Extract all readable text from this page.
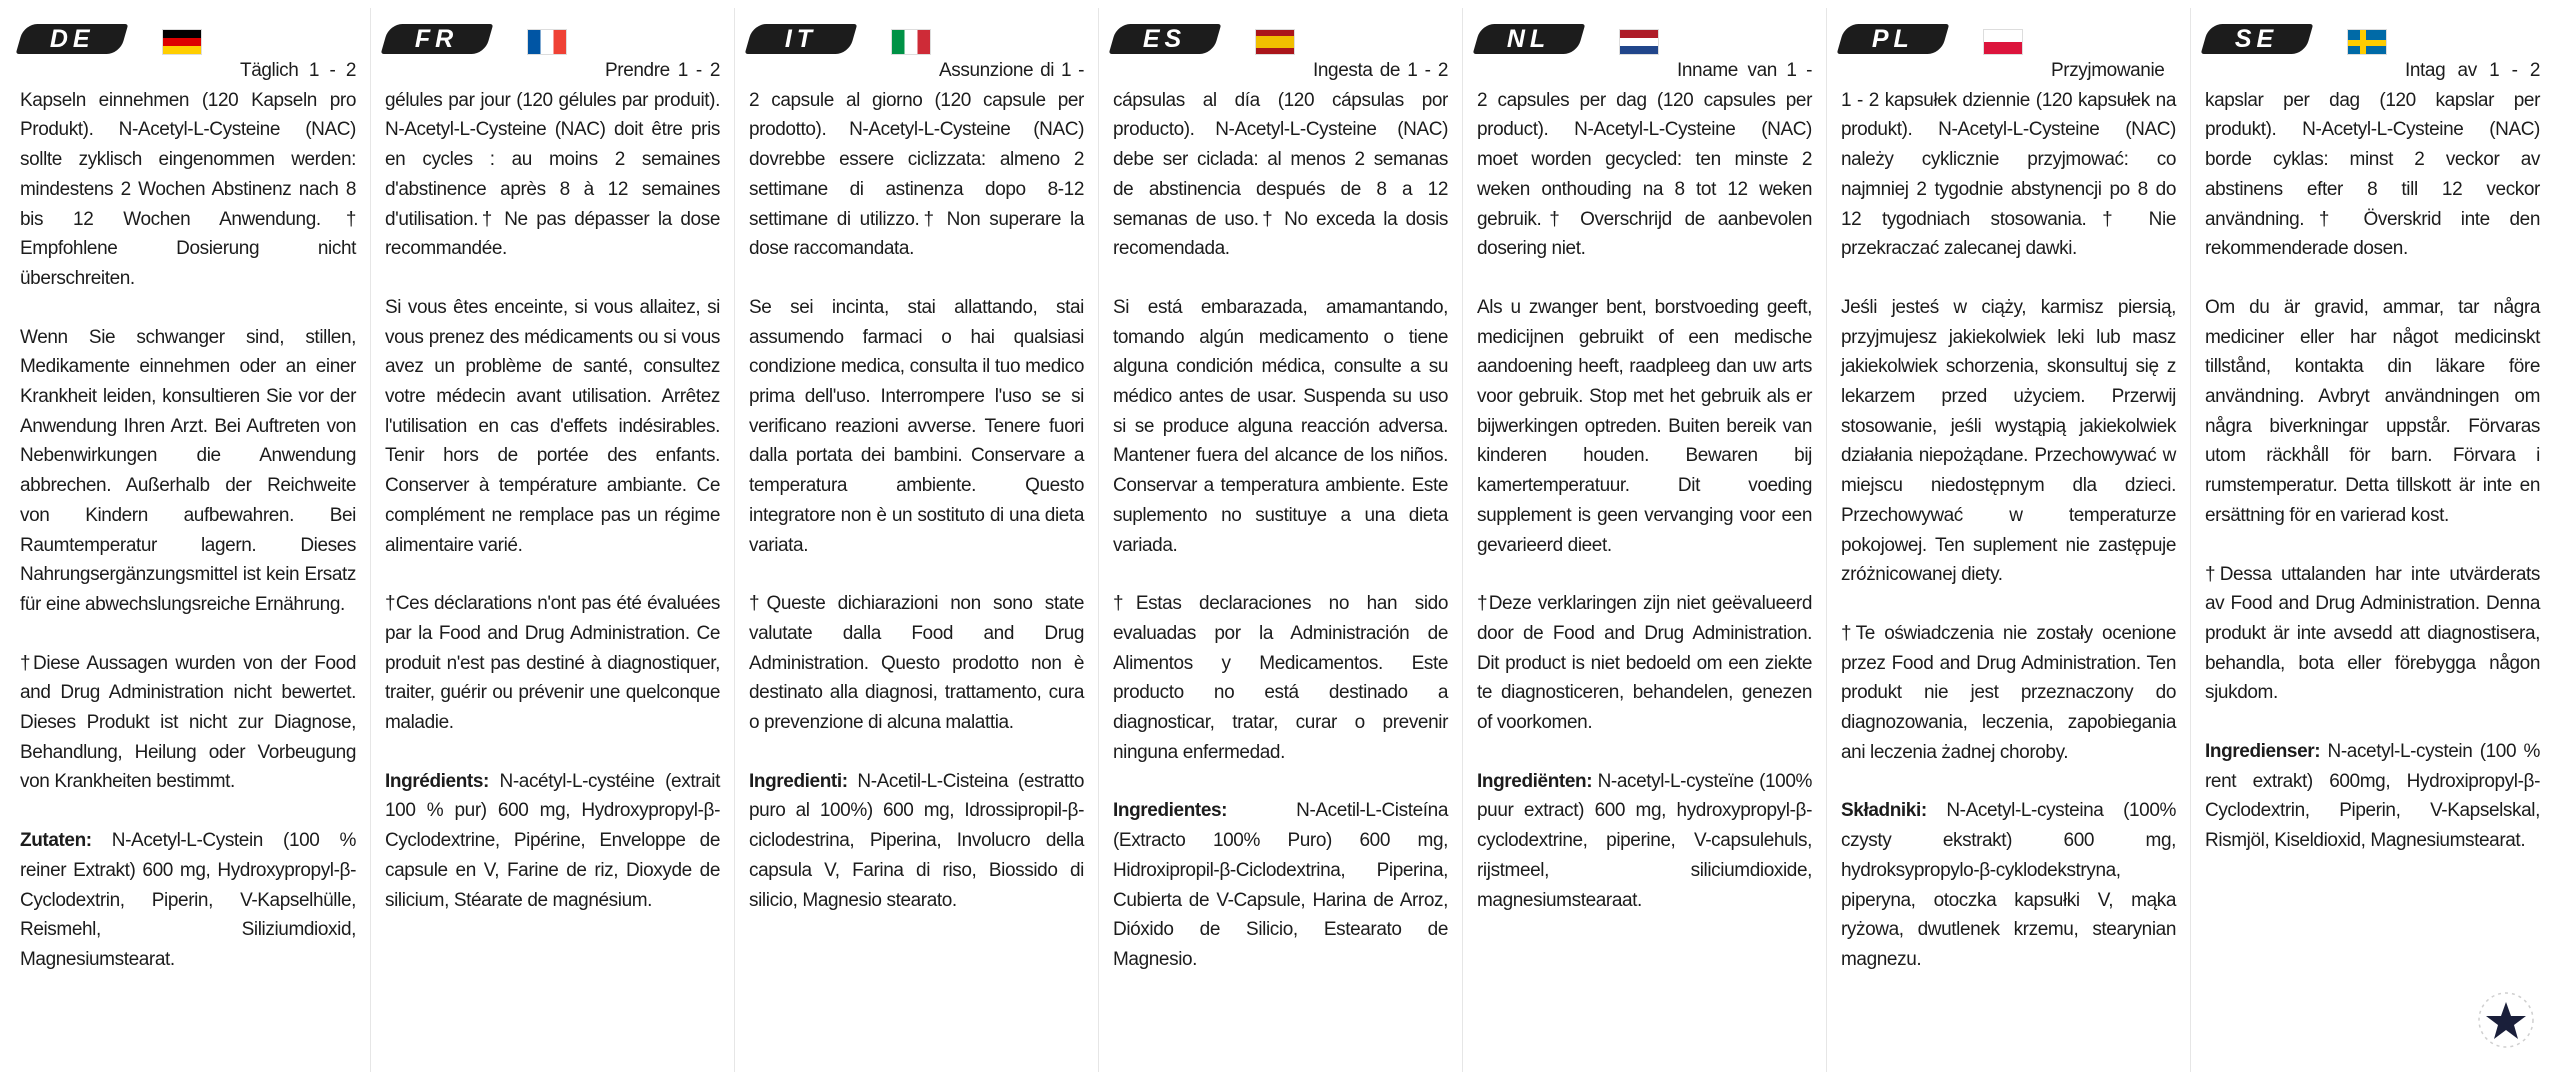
DE

Täglich 1 - 2 Kapseln einnehmen (120 Kapseln pro Produkt). N-Acetyl-L-Cysteine (NAC) sollte zyklisch eingenommen werden: mindestens 2 Wochen Abstinenz nach 8 bis 12 Wochen Anwendung.† Empfohlene Dosierung nicht überschreiten.

Wenn Sie schwanger sind, stillen, Medikamente einnehmen oder an einer Krankheit leiden, konsultieren Sie vor der Anwendung Ihren Arzt. Bei Auftreten von Nebenwirkungen die Anwendung abbrechen. Außerhalb der Reichweite von Kindern aufbewahren. Bei Raumtemperatur lagern. Dieses Nahrungsergänzungsmittel ist kein Ersatz für eine abwechslungsreiche Ernährung.

†Diese Aussagen wurden von der Food and Drug Administration nicht bewertet. Dieses Produkt ist nicht zur Diagnose, Behandlung, Heilung oder Vorbeugung von Krankheiten bestimmt.

Zutaten: N-Acetyl-L-Cystein (100 % reiner Extrakt) 600 mg, Hydroxypropyl-β-Cyclodextrin, Piperin, V-Kapselhülle, Reismehl, Siliziumdioxid, Magnesiumstearat.

FR

Prendre 1 - 2 gélules par jour (120 gélules par produit). N-Acetyl-L-Cysteine (NAC) doit être pris en cycles : au moins 2 semaines d'abstinence après 8 à 12 semaines d'utilisation.† Ne pas dépasser la dose recommandée.

Si vous êtes enceinte, si vous allaitez, si vous prenez des médicaments ou si vous avez un problème de santé, consultez votre médecin avant utilisation. Arrêtez l'utilisation en cas d'effets indésirables. Tenir hors de portée des enfants. Conserver à température ambiante. Ce complément ne remplace pas un régime alimentaire varié.

†Ces déclarations n'ont pas été évaluées par la Food and Drug Administration. Ce produit n'est pas destiné à diagnostiquer, traiter, guérir ou prévenir une quelconque maladie.

Ingrédients: N-acétyl-L-cystéine (extrait 100 % pur) 600 mg, Hydroxypropyl-β-Cyclodextrine, Pipérine, Enveloppe de capsule en V, Farine de riz, Dioxyde de silicium, Stéarate de magnésium.

IT

Assunzione di 1 - 2 capsule al giorno (120 capsule per prodotto). N-Acetyl-L-Cysteine (NAC) dovrebbe essere ciclizzata: almeno 2 settimane di astinenza dopo 8-12 settimane di utilizzo.† Non superare la dose raccomandata.

Se sei incinta, stai allattando, stai assumendo farmaci o hai qualsiasi condizione medica, consulta il tuo medico prima dell'uso. Interrompere l'uso se si verificano reazioni avverse. Tenere fuori dalla portata dei bambini. Conservare a temperatura ambiente. Questo integratore non è un sostituto di una dieta variata.

†Queste dichiarazioni non sono state valutate dalla Food and Drug Administration. Questo prodotto non è destinato alla diagnosi, trattamento, cura o prevenzione di alcuna malattia.

Ingredienti: N-Acetil-L-Cisteina (estratto puro al 100%) 600 mg, Idrossipropil-β-ciclodestrina, Piperina, Involucro della capsula V, Farina di riso, Biossido di silicio, Magnesio stearato.

ES

Ingesta de 1 - 2 cápsulas al día (120 cápsulas por producto). N-Acetyl-L-Cysteine (NAC) debe ser ciclada: al menos 2 semanas de abstinencia después de 8 a 12 semanas de uso.† No exceda la dosis recomendada.

Si está embarazada, amamantando, tomando algún medicamento o tiene alguna condición médica, consulte a su médico antes de usar. Suspenda su uso si se produce alguna reacción adversa. Mantener fuera del alcance de los niños. Conservar a temperatura ambiente. Este suplemento no sustituye a una dieta variada.

†Estas declaraciones no han sido evaluadas por la Administración de Alimentos y Medicamentos. Este producto no está destinado a diagnosticar, tratar, curar o prevenir ninguna enfermedad.

Ingredientes:	N-Acetil-L-Cisteína (Extracto 100% Puro) 600 mg, Hidroxipropil-β-Ciclodextrina, Piperina, Cubierta de V-Capsule, Harina de Arroz, Dióxido de Silicio, Estearato de Magnesio.

NL

Inname van 1 - 2 capsules per dag (120 capsules per product). N-Acetyl-L-Cysteine (NAC) moet worden gecycled: ten minste 2 weken onthouding na 8 tot 12 weken gebruik.† Overschrijd de aanbevolen dosering niet.

Als u zwanger bent, borstvoeding geeft, medicijnen gebruikt of een medische aandoening heeft, raadpleeg dan uw arts voor gebruik. Stop met het gebruik als er bijwerkingen optreden. Buiten bereik van kinderen houden. Bewaren bij kamertemperatuur. Dit voeding supplement is geen vervanging voor een gevarieerd dieet.

†Deze verklaringen zijn niet geëvalueerd door de Food and Drug Administration. Dit product is niet bedoeld om een ziekte te diagnosticeren, behandelen, genezen of voorkomen.

Ingrediënten: N-acetyl-L-cysteïne (100% puur extract) 600 mg, hydroxypropyl-β-cyclodextrine, piperine, V-capsulehuls, rijstmeel, siliciumdioxide, magnesiumstearaat.

PL

Przyjmowanie 1 - 2 kapsułek dziennie (120 kapsułek na produkt). N-Acetyl-L-Cysteine (NAC) należy cyklicznie przyjmować: co najmniej 2 tygodnie abstynencji po 8 do 12 tygodniach stosowania.† Nie przekraczać zalecanej dawki.

Jeśli jesteś w ciąży, karmisz piersią, przyjmujesz jakiekolwiek leki lub masz jakiekolwiek schorzenia, skonsultuj się z lekarzem przed użyciem. Przerwij stosowanie, jeśli wystąpią jakiekolwiek działania niepożądane. Przechowywać w miejscu niedostępnym dla dzieci. Przechowywać w temperaturze pokojowej. Ten suplement nie zastępuje zróżnicowanej diety.

†Te oświadczenia nie zostały ocenione przez Food and Drug Administration. Ten produkt nie jest przeznaczony do diagnozowania, leczenia, zapobiegania ani leczenia żadnej choroby.

Składniki: N-Acetyl-L-cysteina (100% czysty ekstrakt) 600 mg, hydroksypropylo-β-cyklodekstryna, piperyna, otoczka kapsułki V, mąka ryżowa, dwutlenek krzemu, stearynian magnezu.

SE

Intag av 1 - 2 kapslar per dag (120 kapslar per produkt). N-Acetyl-L-Cysteine (NAC) borde cyklas: minst 2 veckor av abstinens efter 8 till 12 veckor användning.† Överskrid inte den rekommenderade dosen.

Om du är gravid, ammar, tar några mediciner eller har något medicinskt tillstånd, kontakta din läkare före användning. Avbryt användningen om några biverkningar uppstår. Förvaras utom räckhåll för barn. Förvara i rumstemperatur. Detta tillskott är inte en ersättning för en varierad kost.

†Dessa uttalanden har inte utvärderats av Food and Drug Administration. Denna produkt är inte avsedd att diagnostisera, behandla, bota eller förebygga någon sjukdom.

Ingredienser: N-acetyl-L-cystein (100 % rent extrakt) 600mg, Hydroxipropyl-β-Cyclodextrin, Piperin, V-Kapselskal, Rismjöl, Kiseldioxid, Magnesiumstearat.
